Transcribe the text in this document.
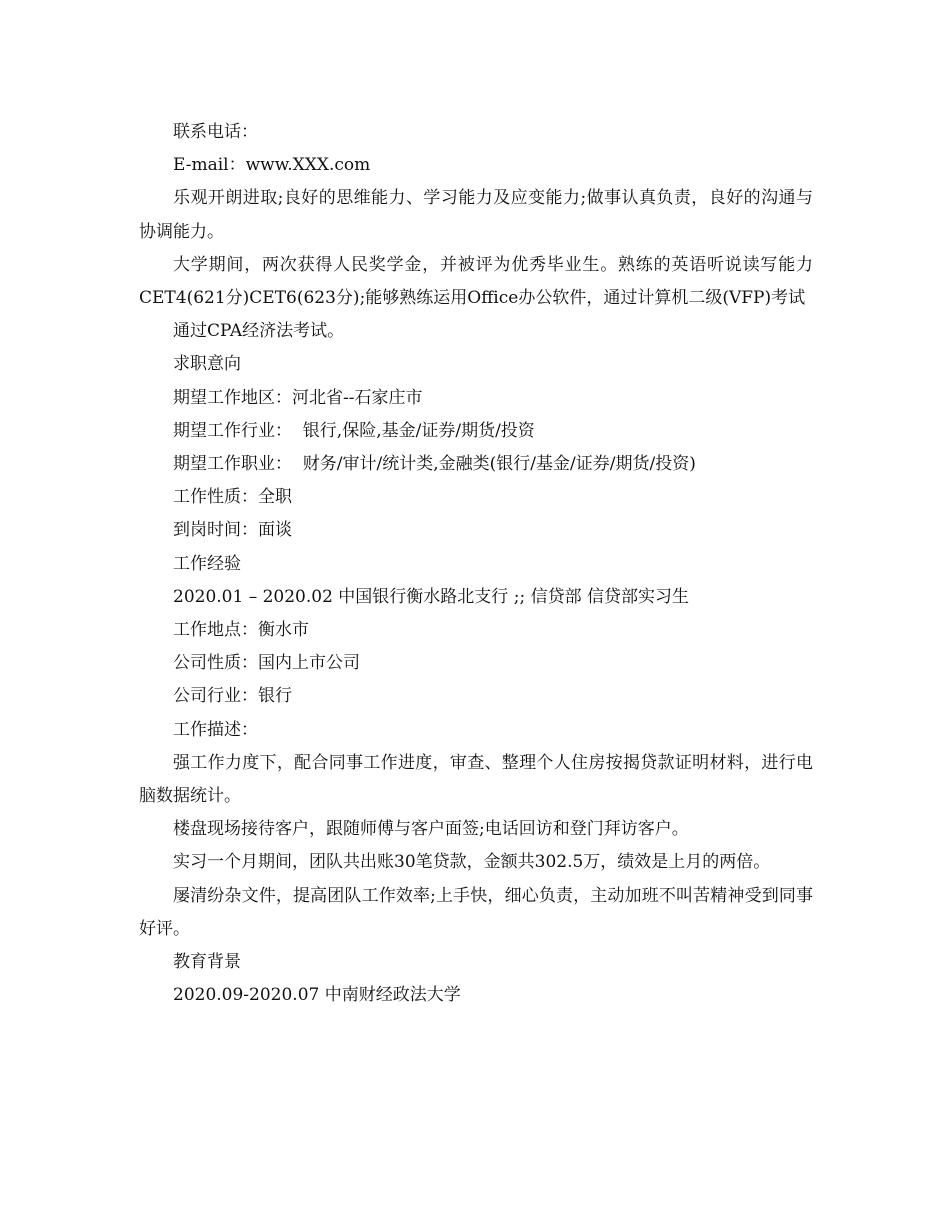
联系电话：

E-mail：www.XXX.com

乐观开朗进取;良好的思维能力、学习能力及应变能力;做事认真负责，良好的沟通与协调能力。

大学期间，两次获得人民奖学金，并被评为优秀毕业生。熟练的英语听说读写能力CET4(621分)CET6(623分);能够熟练运用Office办公软件，通过计算机二级(VFP)考试

通过CPA经济法考试。

求职意向

期望工作地区：河北省--石家庄市

期望工作行业：  银行,保险,基金/证券/期货/投资

期望工作职业：  财务/审计/统计类,金融类(银行/基金/证券/期货/投资)

工作性质：全职

到岗时间：面谈

工作经验

2020.01 – 2020.02 中国银行衡水路北支行 ;; 信贷部 信贷部实习生

工作地点：衡水市

公司性质：国内上市公司

公司行业：银行

工作描述：

强工作力度下，配合同事工作进度，审查、整理个人住房按揭贷款证明材料，进行电脑数据统计。

楼盘现场接待客户，跟随师傅与客户面签;电话回访和登门拜访客户。

实习一个月期间，团队共出账30笔贷款，金额共302.5万，绩效是上月的两倍。

屡清纷杂文件，提高团队工作效率;上手快，细心负责，主动加班不叫苦精神受到同事好评。

教育背景

2020.09-2020.07 中南财经政法大学
